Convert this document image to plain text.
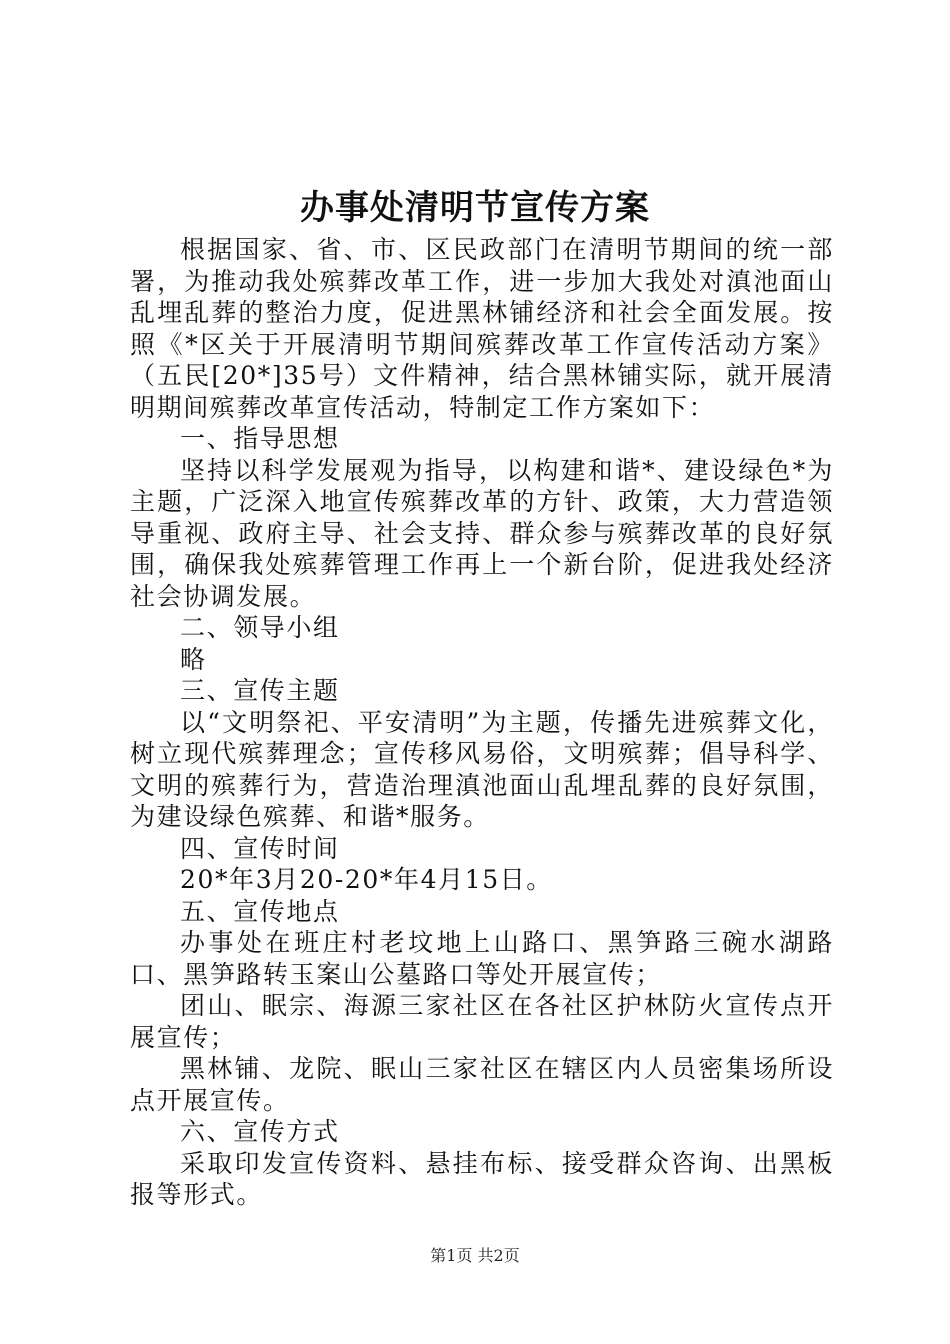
办事处清明节宣传方案

根据国家、省、市、区民政部门在清明节期间的统一部署，为推动我处殡葬改革工作，进一步加大我处对滇池面山乱埋乱葬的整治力度，促进黑林铺经济和社会全面发展。按照《*区关于开展清明节期间殡葬改革工作宣传活动方案》（五民[20*]35号）文件精神，结合黑林铺实际，就开展清明期间殡葬改革宣传活动，特制定工作方案如下：

一、指导思想

坚持以科学发展观为指导，以构建和谐*、建设绿色*为主题，广泛深入地宣传殡葬改革的方针、政策，大力营造领导重视、政府主导、社会支持、群众参与殡葬改革的良好氛围，确保我处殡葬管理工作再上一个新台阶，促进我处经济社会协调发展。

二、领导小组

略

三、宣传主题

以“文明祭祀、平安清明”为主题，传播先进殡葬文化，树立现代殡葬理念；宣传移风易俗，文明殡葬；倡导科学、文明的殡葬行为，营造治理滇池面山乱埋乱葬的良好氛围，为建设绿色殡葬、和谐*服务。

四、宣传时间

20*年3月20-20*年4月15日。

五、宣传地点

办事处在班庄村老坟地上山路口、黑笋路三碗水湖路口、黑笋路转玉案山公墓路口等处开展宣传；

团山、眠宗、海源三家社区在各社区护林防火宣传点开展宣传；

黑林铺、龙院、眠山三家社区在辖区内人员密集场所设点开展宣传。

六、宣传方式

采取印发宣传资料、悬挂布标、接受群众咨询、出黑板报等形式。

第1页 共2页
